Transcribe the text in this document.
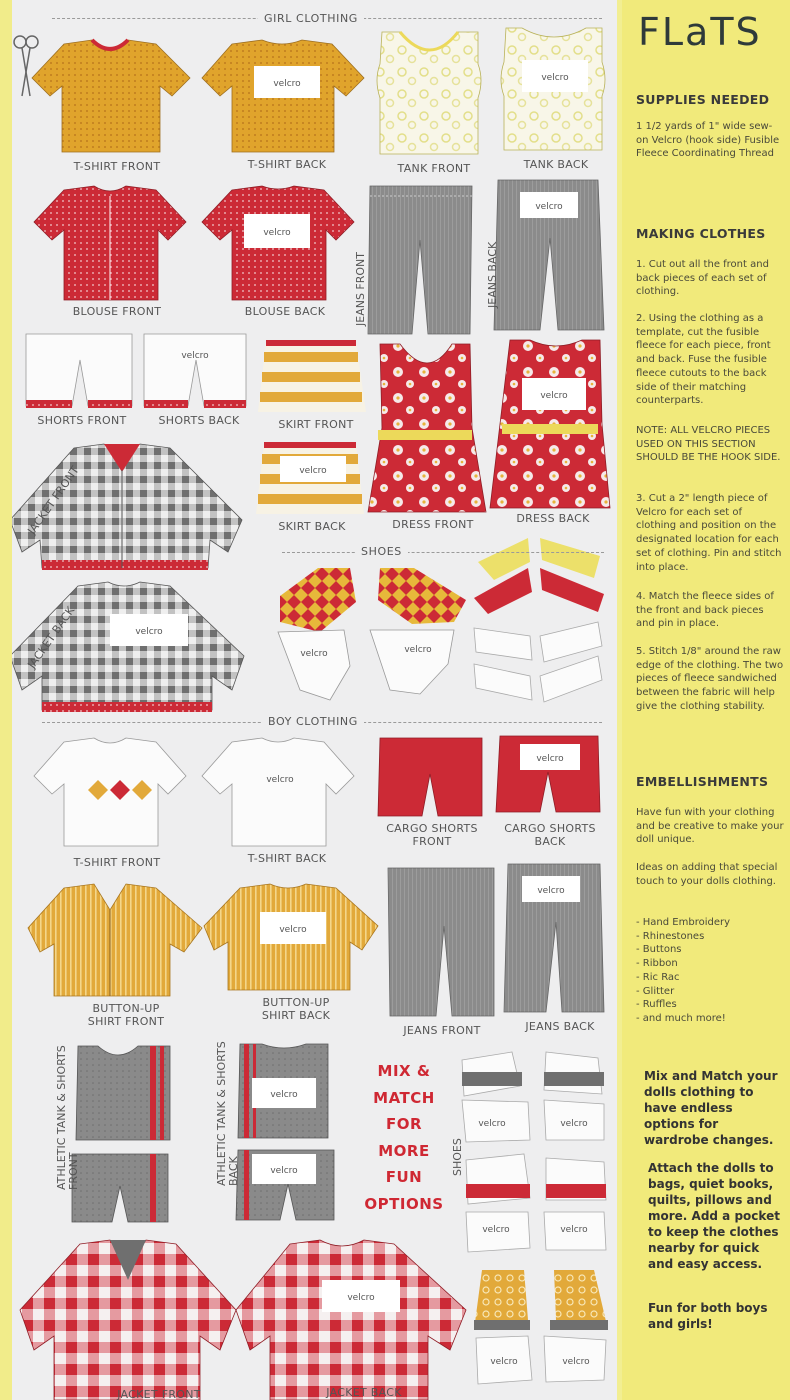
velcro
velcro
velcro
velcro
velcro
velcro
velcro
velcro
velcro	velcro
velcro
velcro
velcro
velcro
velcro
velcro
velcro	velcro
velcro	velcro
velcro	velcro
velcro
GIRL CLOTHING
SHOES
BOY CLOTHING
T-SHIRT FRONT	T-SHIRT BACK	TANK FRONT	TANK BACK
BLOUSE FRONT	BLOUSE BACK	JEANS FRONT	JEANS BACK
SHORTS FRONT	SHORTS BACK	SKIRT FRONT
SKIRT BACK	DRESS FRONT	DRESS BACK
JACKET FRONT
JACKET BACK
T-SHIRT FRONT	T-SHIRT BACK
CARGO SHORTS FRONT
CARGO SHORTS BACK
BUTTON-UP SHIRT FRONT
BUTTON-UP SHIRT BACK
JEANS FRONT	JEANS BACK
ATHLETIC TANK & SHORTS FRONT	ATHLETIC TANK & SHORTS BACK	SHOES
JACKET FRONT	JACKET BACK
MIX &
MATCH
FOR
MORE
FUN
OPTIONS
FLaTS
SUPPLIES NEEDED
1 1/2 yards of 1" wide sew-on Velcro (hook side) Fusible Fleece Coordinating Thread
MAKING CLOTHES
1. Cut out all the front and back pieces of each set of clothing.
2. Using the clothing as a template, cut the fusible fleece for each piece, front and back. Fuse the fusible fleece cutouts to the back side of their matching counterparts.
NOTE: ALL VELCRO PIECES USED ON THIS SECTION SHOULD BE THE HOOK SIDE.
3. Cut a 2" length piece of Velcro for each set of clothing and position on the designated location for each set of clothing. Pin and stitch into place.
4. Match the fleece sides of the front and back pieces and pin in place.
5. Stitch 1/8" around the raw edge of the clothing. The two pieces of fleece sandwiched between the fabric will help give the clothing stability.
EMBELLISHMENTS
Have fun with your clothing and be creative to make your doll unique.
Ideas on adding that special touch to your dolls clothing.
- Hand Embroidery
- Rhinestones
- Buttons
- Ribbon
- Ric Rac
- Glitter
- Ruffles
- and much more!
Mix and Match your dolls clothing to have endless options for wardrobe changes.
Attach the dolls to bags, quiet books, quilts, pillows and more. Add a pocket to keep the clothes nearby for quick and easy access.
Fun for both boys and girls!
